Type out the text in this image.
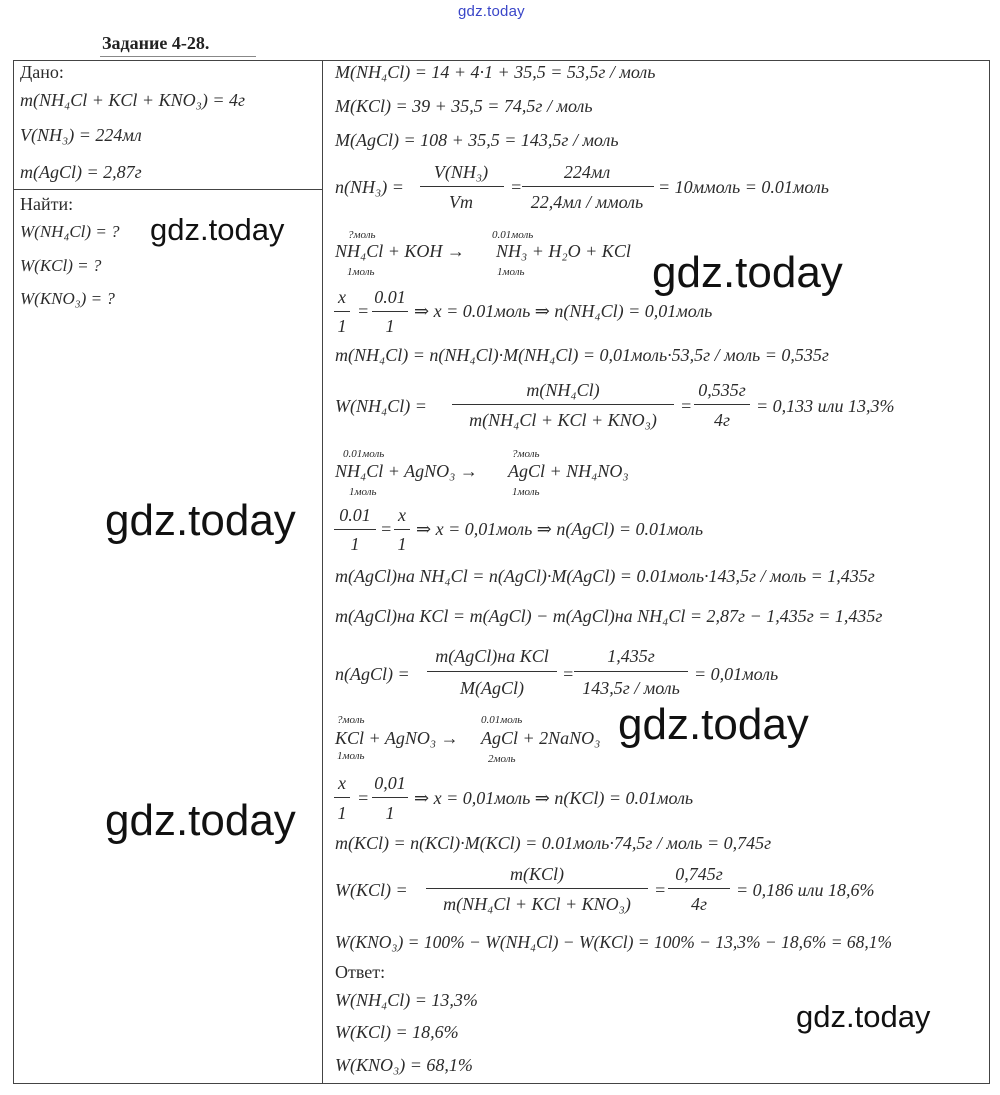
gdz.today
Задание 4-28.
Дано:
m(NH₄Cl + KCl + KNO₃) = 4г
V(NH₃) = 224мл
m(AgCl) = 2,87г
Найти:
W(NH₄Cl) = ?
W(KCl) = ?
W(KNO₃) = ?
M(NH₄Cl) = 14 + 4·1 + 35,5 = 53,5г / моль
M(KCl) = 39 + 35,5 = 74,5г / моль
M(AgCl) = 108 + 35,5 = 143,5г / моль
n(NH₃) =
V(NH₃)
Vm
=
224мл
22,4мл / ммоль
= 10ммоль = 0.01моль
?моль	0.01моль
NH₄Cl + KOH → NH₃ + H₂O + KCl
1моль	1моль
x
1
=
0.01
1
⇒ x = 0.01моль ⇒ n(NH₄Cl) = 0,01моль
m(NH₄Cl) = n(NH₄Cl)·M(NH₄Cl) = 0,01моль·53,5г / моль = 0,535г
W(NH₄Cl) =
m(NH₄Cl)
m(NH₄Cl + KCl + KNO₃)
=
0,535г
4г
= 0,133 или 13,3%
0.01моль	?моль
NH₄Cl + AgNO₃ → AgCl + NH₄NO₃
1моль	1моль
0.01
1
=
x
1
⇒ x = 0,01моль ⇒ n(AgCl) = 0.01моль
m(AgCl)на NH₄Cl = n(AgCl)·M(AgCl) = 0.01моль·143,5г / моль = 1,435г
m(AgCl)на KCl = m(AgCl) − m(AgCl)на NH₄Cl = 2,87г − 1,435г = 1,435г
n(AgCl) =
m(AgCl)на KCl
M(AgCl)
=
1,435г
143,5г / моль
= 0,01моль
?моль	0.01моль
KCl + AgNO₃ → AgCl + 2NaNO₃
1моль	2моль
x
1
=
0,01
1
⇒ x = 0,01моль ⇒ n(KCl) = 0.01моль
m(KCl) = n(KCl)·M(KCl) = 0.01моль·74,5г / моль = 0,745г
W(KCl) =
m(KCl)
m(NH₄Cl + KCl + KNO₃)
=
0,745г
4г
= 0,186 или 18,6%
W(KNO₃) = 100% − W(NH₄Cl) − W(KCl) = 100% − 13,3% − 18,6% = 68,1%
Ответ:
W(NH₄Cl) = 13,3%
W(KCl) = 18,6%
W(KNO₃) = 68,1%
gdz.today
gdz.today
gdz.today
gdz.today
gdz.today
gdz.today
